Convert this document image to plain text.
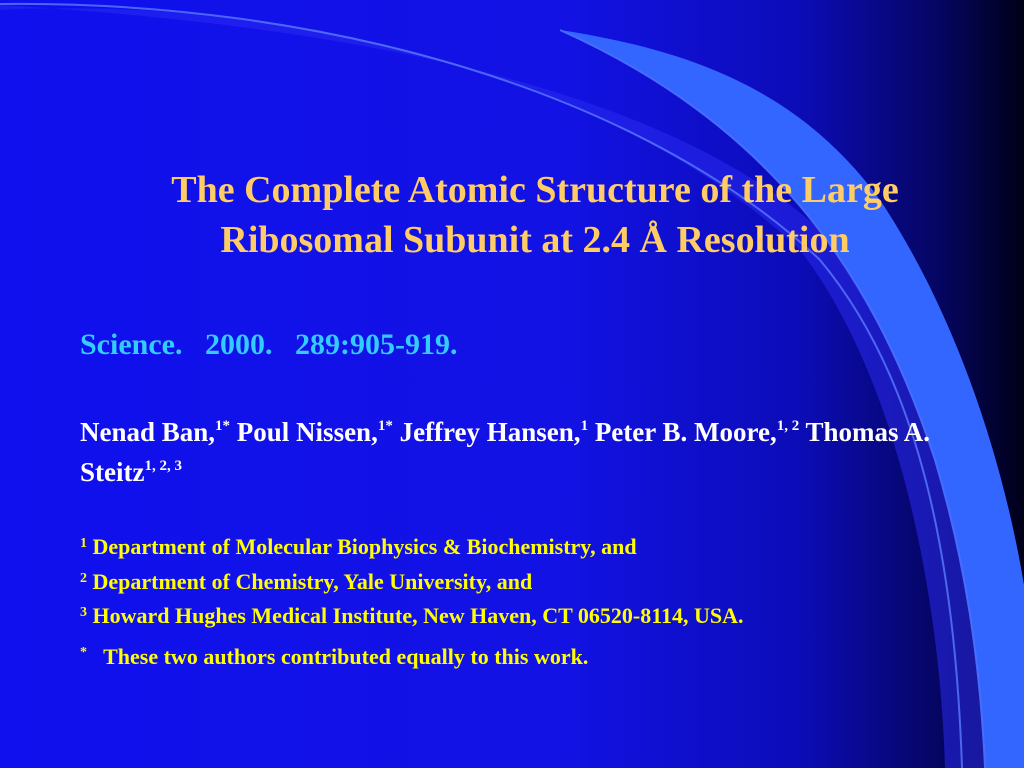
The Complete Atomic Structure of the Large
Ribosomal Subunit at 2.4 Å Resolution
Science.   2000.   289:905-919.
Nenad Ban,$^{1*}$ Poul Nissen,$^{1*}$ Jeffrey Hansen,$^1$ Peter B. Moore,$^{1, 2}$ Thomas A. Steitz$^{1, 2, 3}$
$^1$ Department of Molecular Biophysics & Biochemistry, and
$^2$ Department of Chemistry, Yale University, and
$^3$ Howard Hughes Medical Institute, New Haven, CT 06520-8114, USA.
*   These two authors contributed equally to this work.
